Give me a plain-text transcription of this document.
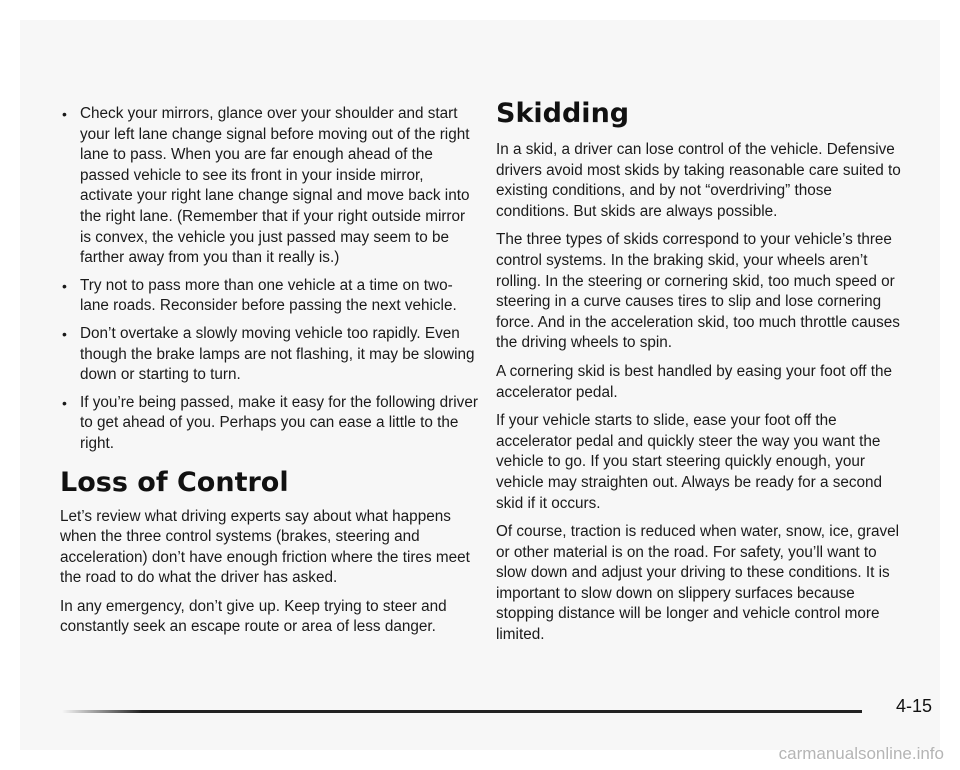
• Check your mirrors, glance over your shoulder and start your left lane change signal before moving out of the right lane to pass. When you are far enough ahead of the passed vehicle to see its front in your inside mirror, activate your right lane change signal and move back into the right lane. (Remember that if your right outside mirror is convex, the vehicle you just passed may seem to be farther away from you than it really is.)
• Try not to pass more than one vehicle at a time on two-lane roads. Reconsider before passing the next vehicle.
• Don’t overtake a slowly moving vehicle too rapidly. Even though the brake lamps are not flashing, it may be slowing down or starting to turn.
• If you’re being passed, make it easy for the following driver to get ahead of you. Perhaps you can ease a little to the right.
Loss of Control

Let’s review what driving experts say about what happens when the three control systems (brakes, steering and acceleration) don’t have enough friction where the tires meet the road to do what the driver has asked.

In any emergency, don’t give up. Keep trying to steer and constantly seek an escape route or area of less danger.

Skidding

In a skid, a driver can lose control of the vehicle. Defensive drivers avoid most skids by taking reasonable care suited to existing conditions, and by not “overdriving” those conditions. But skids are always possible.

The three types of skids correspond to your vehicle’s three control systems. In the braking skid, your wheels aren’t rolling. In the steering or cornering skid, too much speed or steering in a curve causes tires to slip and lose cornering force. And in the acceleration skid, too much throttle causes the driving wheels to spin.

A cornering skid is best handled by easing your foot off the accelerator pedal.

If your vehicle starts to slide, ease your foot off the accelerator pedal and quickly steer the way you want the vehicle to go. If you start steering quickly enough, your vehicle may straighten out. Always be ready for a second skid if it occurs.

Of course, traction is reduced when water, snow, ice, gravel or other material is on the road. For safety, you’ll want to slow down and adjust your driving to these conditions. It is important to slow down on slippery surfaces because stopping distance will be longer and vehicle control more limited.

4-15
carmanualsonline.info
